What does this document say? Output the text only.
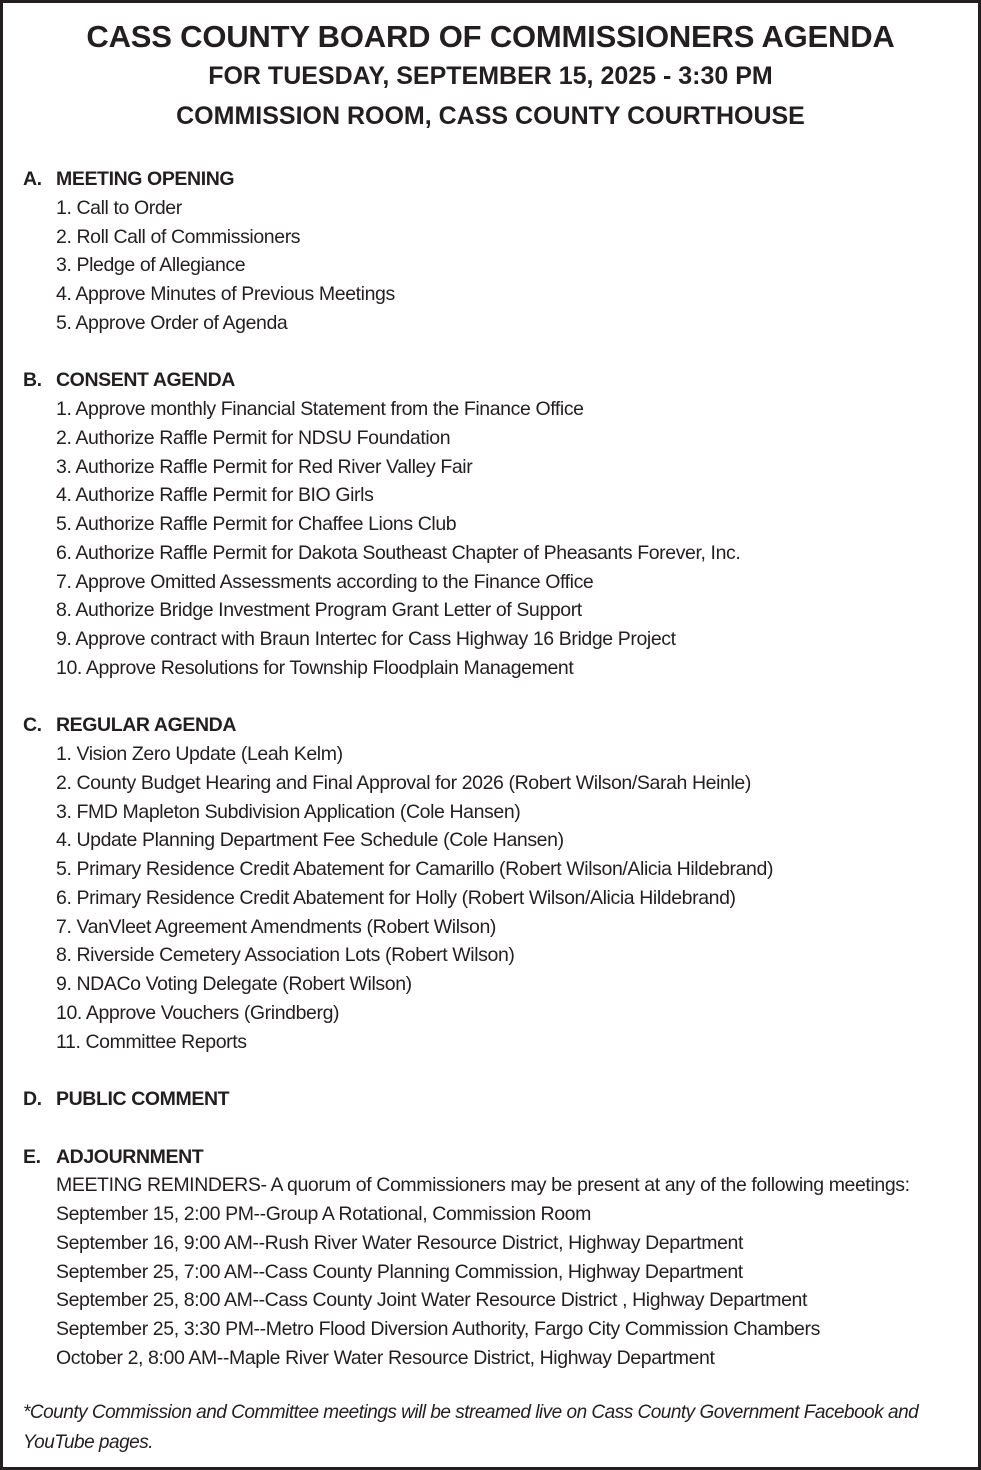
CASS COUNTY BOARD OF COMMISSIONERS AGENDA
FOR TUESDAY, SEPTEMBER 15, 2025 - 3:30 PM
COMMISSION ROOM, CASS COUNTY COURTHOUSE
A. MEETING OPENING
1. Call to Order
2. Roll Call of Commissioners
3. Pledge of Allegiance
4. Approve Minutes of Previous Meetings
5. Approve Order of Agenda
B. CONSENT AGENDA
1. Approve monthly Financial Statement from the Finance Office
2. Authorize Raffle Permit for NDSU Foundation
3. Authorize Raffle Permit for Red River Valley Fair
4. Authorize Raffle Permit for BIO Girls
5. Authorize Raffle Permit for Chaffee Lions Club
6. Authorize Raffle Permit for Dakota Southeast Chapter of Pheasants Forever, Inc.
7. Approve Omitted Assessments according to the Finance Office
8. Authorize Bridge Investment Program Grant Letter of Support
9. Approve contract with Braun Intertec for Cass Highway 16 Bridge Project
10. Approve Resolutions for Township Floodplain Management
C. REGULAR AGENDA
1. Vision Zero Update (Leah Kelm)
2. County Budget Hearing and Final Approval for 2026 (Robert Wilson/Sarah Heinle)
3. FMD Mapleton Subdivision Application (Cole Hansen)
4. Update Planning Department Fee Schedule (Cole Hansen)
5. Primary Residence Credit Abatement for Camarillo (Robert Wilson/Alicia Hildebrand)
6. Primary Residence Credit Abatement for Holly (Robert Wilson/Alicia Hildebrand)
7. VanVleet Agreement Amendments (Robert Wilson)
8. Riverside Cemetery Association Lots (Robert Wilson)
9. NDACo Voting Delegate (Robert Wilson)
10. Approve Vouchers (Grindberg)
11. Committee Reports
D. PUBLIC COMMENT
E. ADJOURNMENT
MEETING REMINDERS- A quorum of Commissioners may be present at any of the following meetings:
September 15, 2:00 PM--Group A Rotational, Commission Room
September 16, 9:00 AM--Rush River Water Resource District, Highway Department
September 25, 7:00 AM--Cass County Planning Commission, Highway Department
September 25, 8:00 AM--Cass County Joint Water Resource District , Highway Department
September 25, 3:30 PM--Metro Flood Diversion Authority, Fargo City Commission Chambers
October 2, 8:00 AM--Maple River Water Resource District, Highway Department
*County Commission and Committee meetings will be streamed live on Cass County Government Facebook and YouTube pages.
